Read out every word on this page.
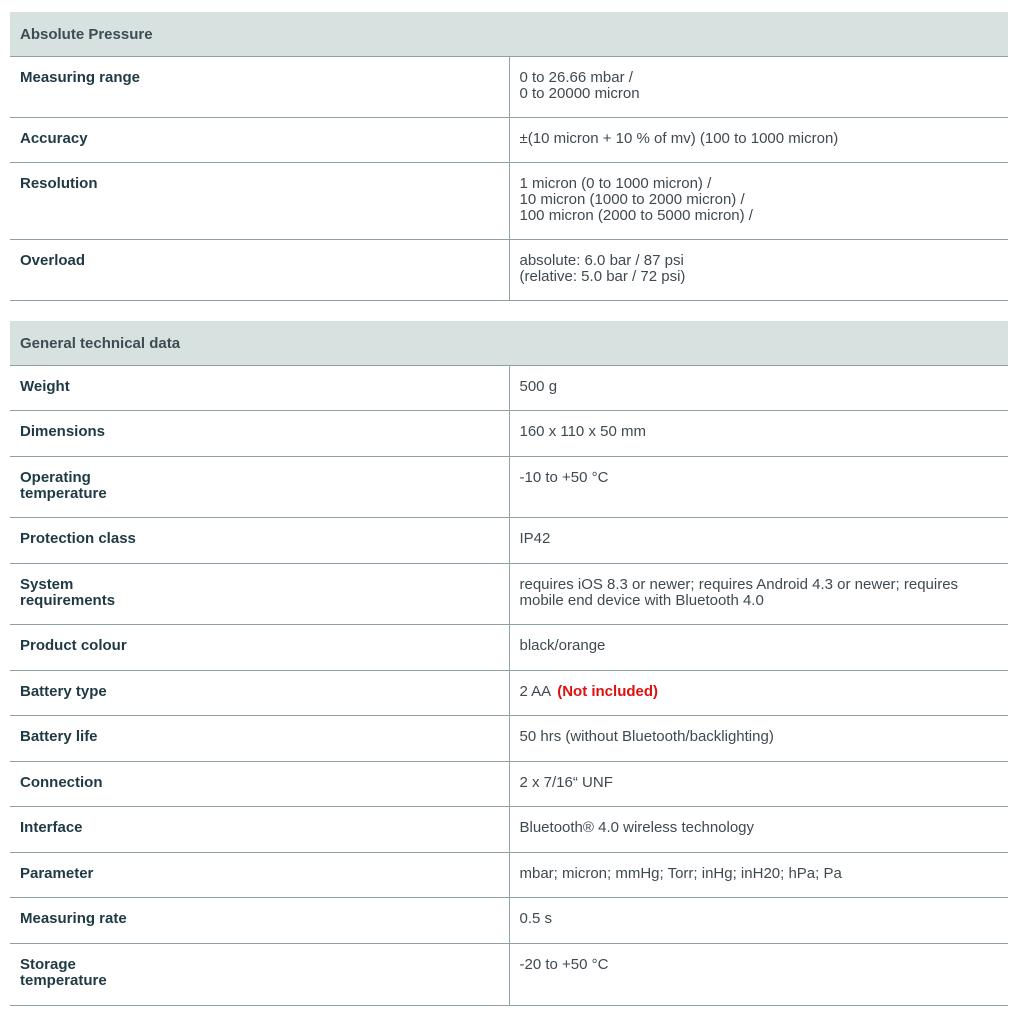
Absolute Pressure	
Measuring range	0 to 26.66 mbar /
0 to 20000 micron
Accuracy	±(10 micron + 10 % of mv) (100 to 1000 micron)
Resolution	1 micron (0 to 1000 micron) /
10 micron (1000 to 2000 micron) /
100 micron (2000 to 5000 micron) /
Overload	absolute: 6.0 bar / 87 psi
(relative: 5.0 bar / 72 psi)
General technical data	
Weight	500 g
Dimensions	160 x 110 x 50 mm
Operating
temperature	-10 to +50 °C
Protection class	IP42
System
requirements	requires iOS 8.3 or newer; requires Android 4.3 or newer; requires mobile end device with Bluetooth 4.0
Product colour	black/orange
Battery type	2 AA (Not included)
Battery life	50 hrs (without Bluetooth/backlighting)
Connection	2 x 7/16“ UNF
Interface	Bluetooth® 4.0 wireless technology
Parameter	mbar; micron; mmHg; Torr; inHg; inH20; hPa; Pa
Measuring rate	0.5 s
Storage
temperature	-20 to +50 °C
